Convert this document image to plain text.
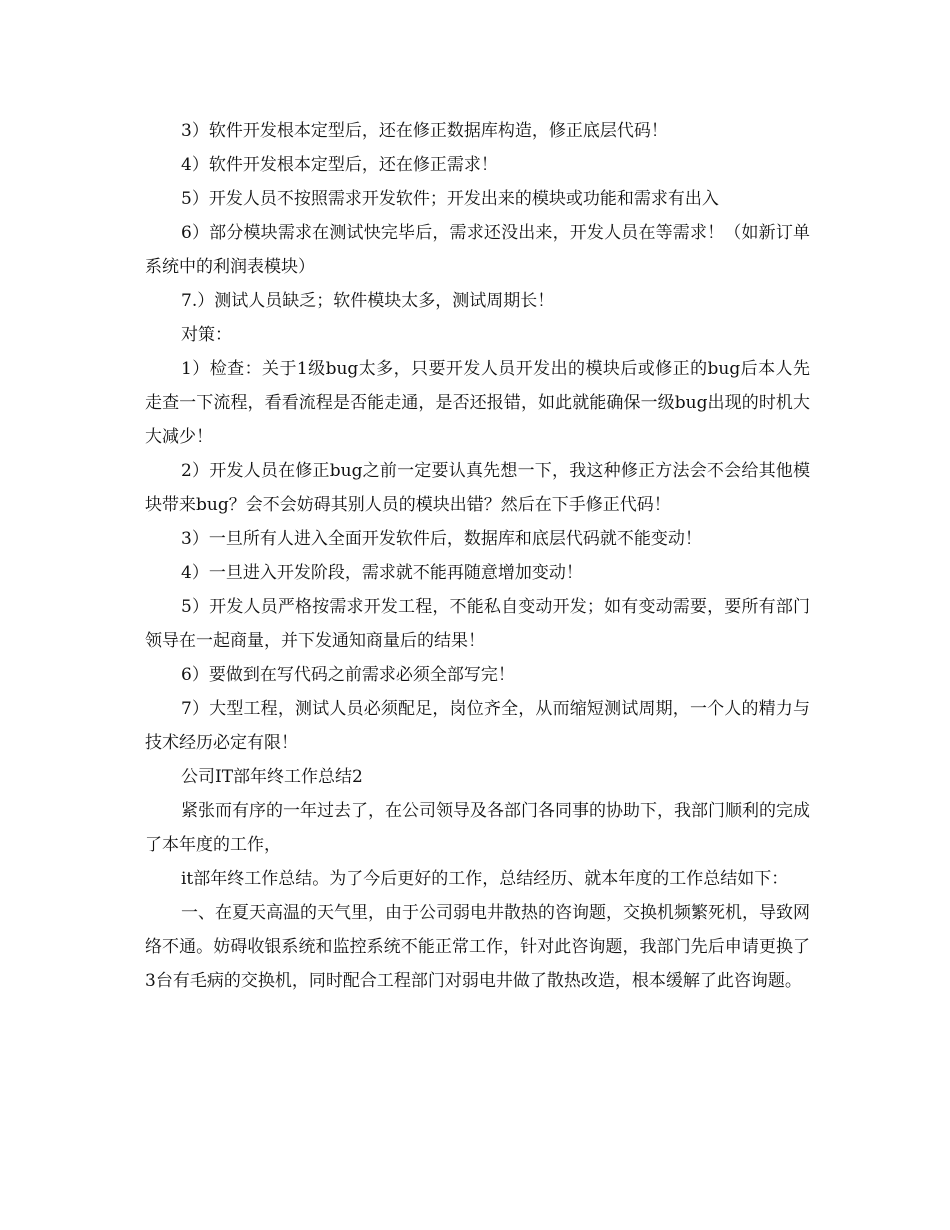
3）软件开发根本定型后，还在修正数据库构造，修正底层代码！

4）软件开发根本定型后，还在修正需求！

5）开发人员不按照需求开发软件；开发出来的模块或功能和需求有出入

6）部分模块需求在测试快完毕后，需求还没出来，开发人员在等需求！（如新订单系统中的利润表模块）

7.）测试人员缺乏；软件模块太多，测试周期长！

对策：

1）检查：关于1级bug太多，只要开发人员开发出的模块后或修正的bug后本人先走查一下流程，看看流程是否能走通，是否还报错，如此就能确保一级bug出现的时机大大减少！

2）开发人员在修正bug之前一定要认真先想一下，我这种修正方法会不会给其他模块带来bug？会不会妨碍其别人员的模块出错？然后在下手修正代码！

3）一旦所有人进入全面开发软件后，数据库和底层代码就不能变动！

4）一旦进入开发阶段，需求就不能再随意增加变动！

5）开发人员严格按需求开发工程，不能私自变动开发；如有变动需要，要所有部门领导在一起商量，并下发通知商量后的结果！

6）要做到在写代码之前需求必须全部写完！

7）大型工程，测试人员必须配足，岗位齐全，从而缩短测试周期，一个人的精力与技术经历必定有限！

公司IT部年终工作总结2

紧张而有序的一年过去了，在公司领导及各部门各同事的协助下，我部门顺利的完成了本年度的工作，

it部年终工作总结。为了今后更好的工作，总结经历、就本年度的工作总结如下：

一、在夏天高温的天气里，由于公司弱电井散热的咨询题，交换机频繁死机，导致网络不通。妨碍收银系统和监控系统不能正常工作，针对此咨询题，我部门先后申请更换了3台有毛病的交换机，同时配合工程部门对弱电井做了散热改造，根本缓解了此咨询题。
